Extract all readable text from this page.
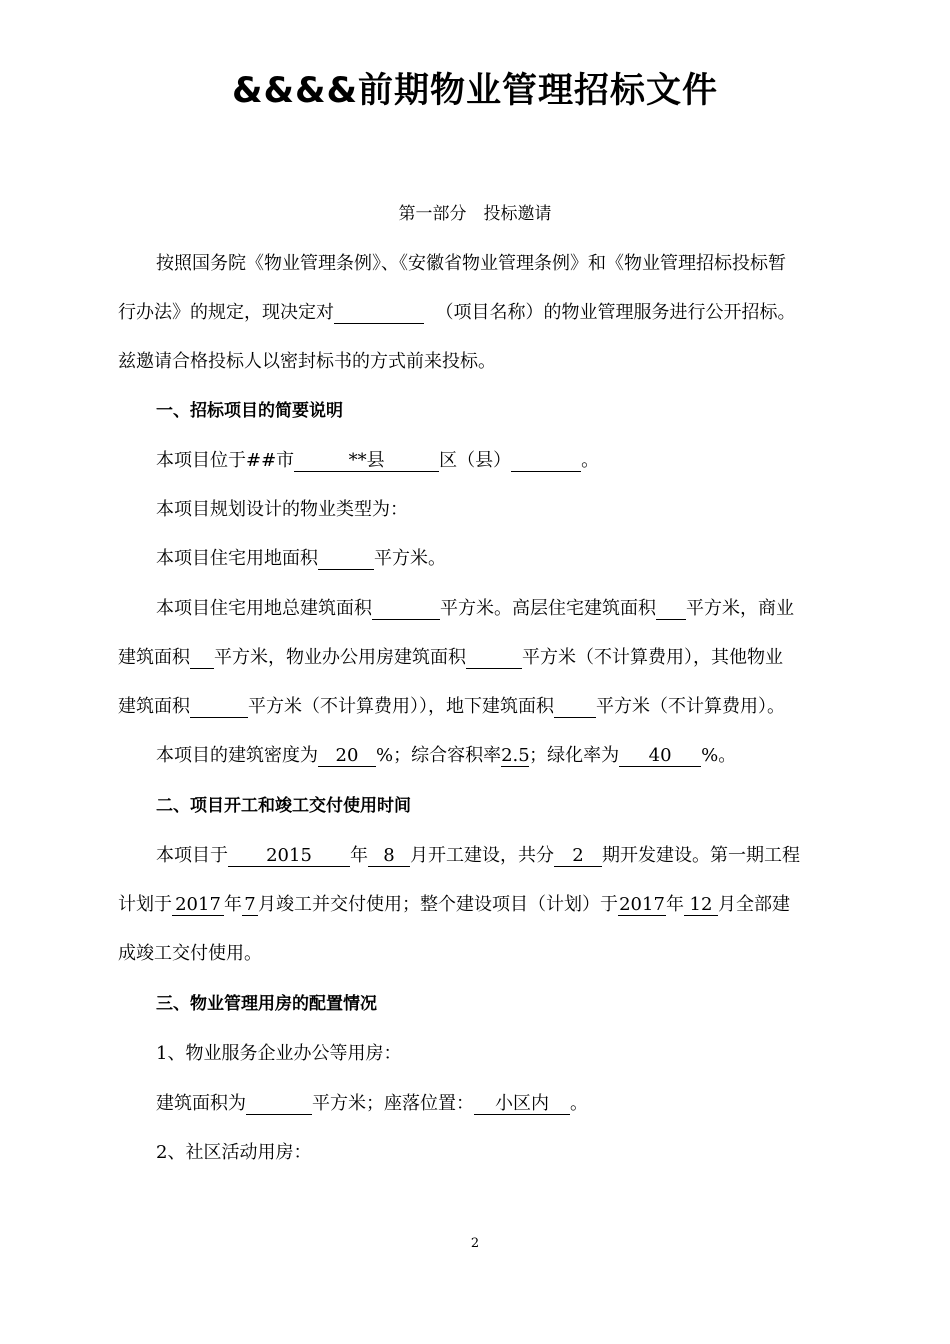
&&&&前期物业管理招标文件
第一部分　投标邀请
按照国务院《物业管理条例》、《安徽省物业管理条例》和《物业管理招标投标暂
行办法》的规定，现决定对	（项目名称）的物业管理服务进行公开招标。
兹邀请合格投标人以密封标书的方式前来投标。
一、招标项目的简要说明
本项目位于##市	**县	区（县）	。
本项目规划设计的物业类型为：
本项目住宅用地面积	平方米。
本项目住宅用地总建筑面积	平方米。高层住宅建筑面积 平方米，商业
建筑面积 平方米，物业办公用房建筑面积	平方米（不计算费用），其他物业
建筑面积	平方米（不计算费用）），地下建筑面积 平方米（不计算费用）。
本项目的建筑密度为 20 %；综合容积率2.5；绿化率为 40 %。
二、项目开工和竣工交付使用时间
本项目于 2015 年 8 月开工建设，共分 2 期开发建设。第一期工程
计划于 2017 年 7 月竣工并交付使用；整个建设项目（计划）于2017年 12 月全部建
成竣工交付使用。
三、物业管理用房的配置情况
1、物业服务企业办公等用房：
建筑面积为	平方米；座落位置： 小区内 。
2、社区活动用房：
2
